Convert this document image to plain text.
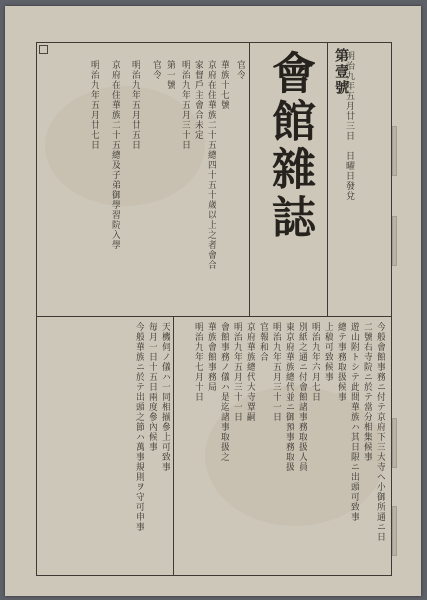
會館雜誌 第壹號
明治九年五月廿三日　日曜日發兌
官令
華族十七號
京府在住華族二十五總四十五十歲以上之者會合
家督戶主會合未定
明治九年五月三十日
第一號
官令
明治九年五月廿五日
京府在住華族二十五總及子弟御學習院入學
明治九年五月廿七日
今般會館事務ニ付テ京府下三大寺へ小御所通ニ日
二號右寺院ニ於テ當分相集候事
遊山附トシテ此間華族ハ其日限ニ出頭可致事
總テ事務取扱候事
上稿可致候事
明治九年六月七日
別紙之通ニ付會館諸事務取扱人員
東京府華族總代並ニ御預事務取扱
明治九年五月三十一日
官報和合
京府華族總代大寺覃嗣
明治九年五月三十一日
會館事務ノ儀ハ是迄諸事取扱之
華族會館事務局
明治九年七月十日
天機伺ノ儀ハ一同相揃參上可致事
毎月一日十五日兩度參內候事
今般華族ニ於テ出頭之節ハ萬事規則ヲ守可申事
